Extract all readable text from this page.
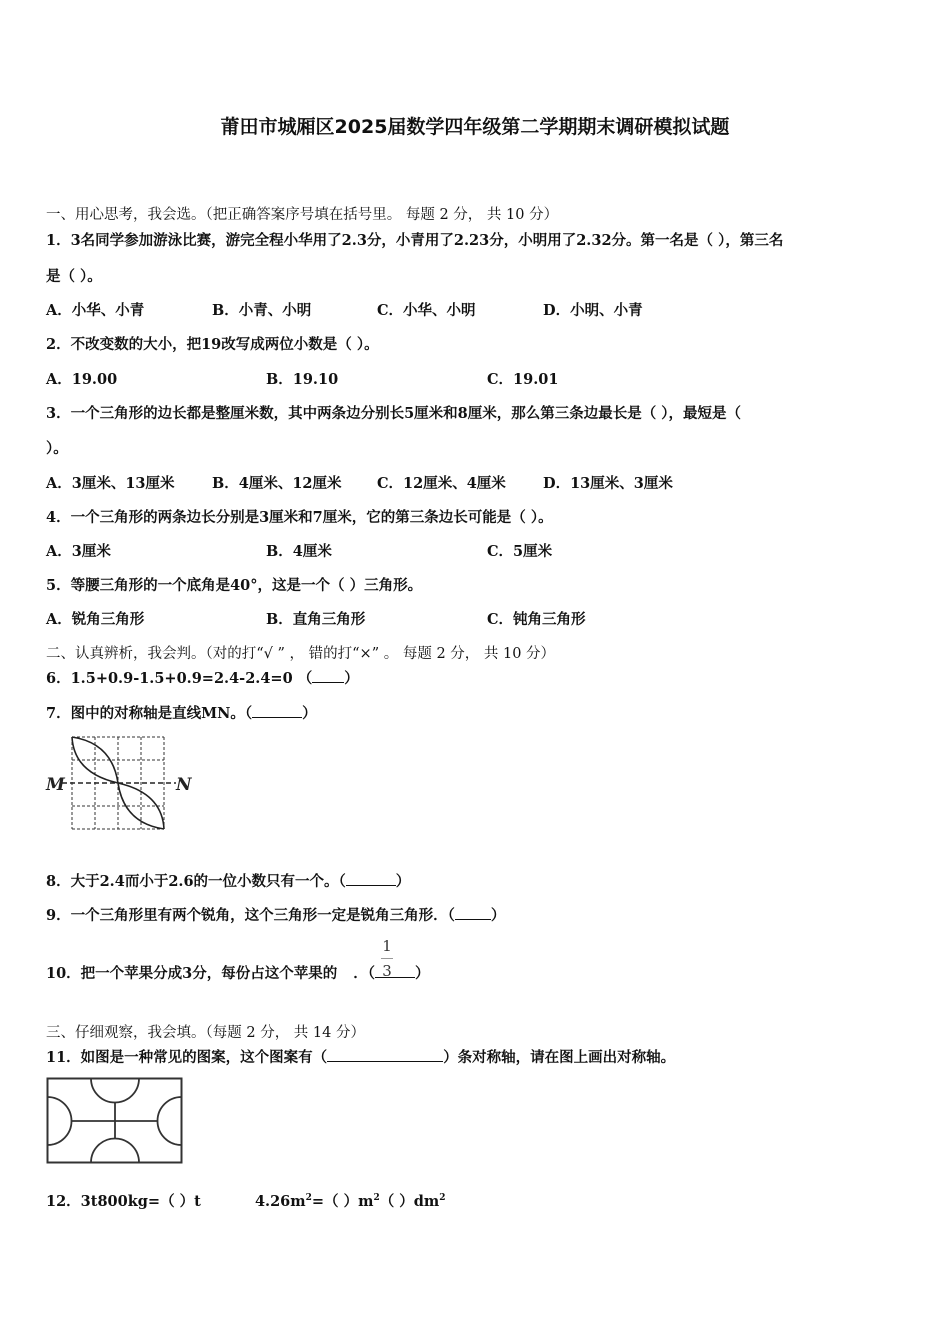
莆田市城厢区2025届数学四年级第二学期期末调研模拟试题
一、用心思考，我会选。（把正确答案序号填在括号里。 每题 2 分， 共 10 分）
1．3名同学参加游泳比赛，游完全程小华用了2.3分，小青用了2.23分，小明用了2.32分。第一名是（ ），第三名
是（ ）。
A．小华、小青	B．小青、小明	C．小华、小明	D．小明、小青
2．不改变数的大小，把19改写成两位小数是（ ）。
A．19.00	B．19.10	C．19.01
3．一个三角形的边长都是整厘米数，其中两条边分别长5厘米和8厘米，那么第三条边最长是（ ），最短是（
）。
A．3厘米、13厘米	B．4厘米、12厘米 C．12厘米、4厘米	D．13厘米、3厘米
4．一个三角形的两条边长分别是3厘米和7厘米，它的第三条边长可能是（ ）。
A．3厘米	B．4厘米	C．5厘米
5．等腰三角形的一个底角是40°，这是一个（ ）三角形。
A．锐角三角形	B．直角三角形	C．钝角三角形
二、认真辨析，我会判。（对的打“√ ” ， 错的打“×” 。 每题 2 分， 共 10 分）
6．1.5+0.9-1.5+0.9=2.4-2.4=0 （ ）
7．图中的对称轴是直线MN。（	）
M	N
8．大于2.4而小于2.6的一位小数只有一个。（	）
9．一个三角形里有两个锐角，这个三角形一定是锐角三角形．（ ）
1
3
10．把一个苹果分成3分，每份占这个苹果的 ．（	）
三、仔细观察，我会填。（每题 2 分， 共 14 分）
11．如图是一种常见的图案，这个图案有（	）条对称轴，请在图上画出对称轴。
12．3t800kg=（ ）t	$4.26m^2=$（ ）$m^2$（ ）$dm^2$
